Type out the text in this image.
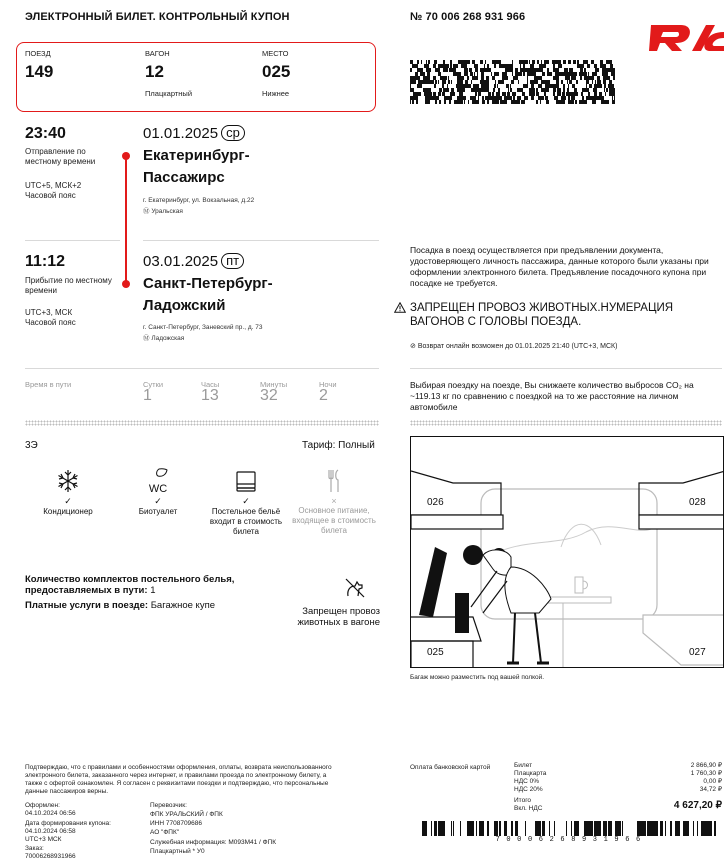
ЭЛЕКТРОННЫЙ БИЛЕТ. КОНТРОЛЬНЫЙ КУПОН	№ 70 006 268 931 966
ПОЕЗД
149
ВАГОН
12
Плацкартный
МЕСТО
025
Нижнее
23:40
Отправление по местному времени
UTC+5, МСК+2
Часовой пояс
01.01.2025 ср
Екатеринбург-
Пассажирс
г. Екатеринбург, ул. Вокзальная, д.22
Ⓜ Уральская
11:12
Прибытие по местному времени
UTC+3, МСК
Часовой пояс
03.01.2025 пт
Санкт-Петербург-
Ладожский
г. Санкт-Петербург, Заневский пр., д. 73
Ⓜ Ладожская
Время в пути	Сутки
1
Часы
13
Минуты
32
Ночи
2
Посадка в поезд осуществляется при предъявлении документа, удостоверяющего личность пассажира, данные которого были указаны при оформлении электронного билета. Предъявление посадочного купона при посадке не требуется.
ЗАПРЕЩЕН ПРОВОЗ ЖИВОТНЫХ.НУМЕРАЦИЯ ВАГОНОВ С ГОЛОВЫ ПОЕЗДА.
⊘ Возврат онлайн возможен до 01.01.2025 21:40 (UTC+3, МСК)
Выбирая поездку на поезде, Вы снижаете количество выбросов CO₂ на ~119.13 кг по сравнению с поездкой на то же расстояние на личном автомобиле
3Э	Тариф: Полный
✓
Кондиционер
WC
✓
Биотуалет
✓
Постельное бельё входит в стоимость билета
×
Основное питание, входящее в стоимость билета
Количество комплектов постельного белья, предоставляемых в пути: 1
Платные услуги в поезде: Багажное купе
Запрещен провоз животных в вагоне
026	028
025	027
Багаж можно разместить под вашей полкой.
Подтверждаю, что с правилами и особенностями оформления, оплаты, возврата неиспользованного электронного билета, заказанного через интернет, и правилами проезда по электронному билету, а также с офертой ознакомлен. Я согласен с реквизитами поездки и подтверждаю, что персональные данные пассажиров верны.
Оформлен:
04.10.2024 06:56
Дата формирования купона:
04.10.2024 06:58
UTC+3 МСК
Заказ:
70006268931966
Перевозчик:
ФПК УРАЛЬСКИЙ / ФПК
ИНН 7708709686
АО "ФПК"
Служебная информация: М093М41 / ФПК
Плацкартный * У0
Оплата банковской картой	Билет	2 866,90 ₽
Плацкарта	1 760,30 ₽
НДС 0%	0,00 ₽
НДС 20%	34,72 ₽
Итого
Вкл. НДС	4 627,20 ₽
7 0 0 0 6 2 6 8 9 3 1 9 6 6
